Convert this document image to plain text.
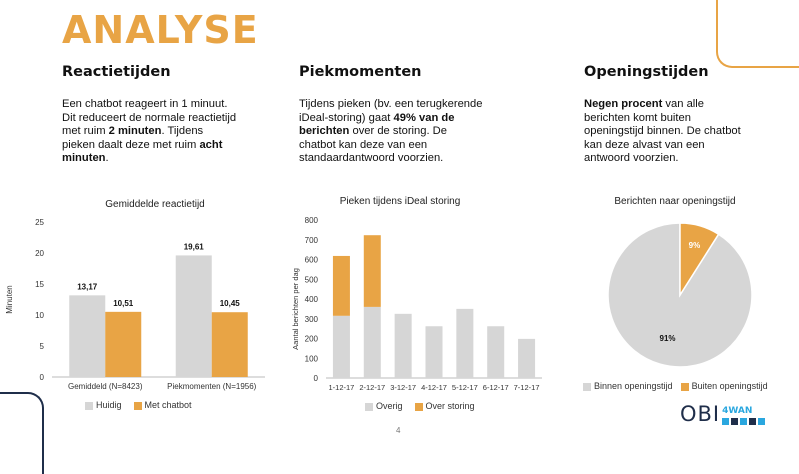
ANALYSE
Reactietijden
Een chatbot reageert in 1 minuut. Dit reduceert de normale reactietijd met ruim 2 minuten. Tijdens pieken daalt deze met ruim acht minuten.
Piekmomenten
Tijdens pieken (bv. een terugkerende iDeal-storing) gaat 49% van de berichten over de storing. De chatbot kan deze van een standaardantwoord voorzien.
Openingstijden
Negen procent van alle berichten komt buiten openingstijd binnen. De chatbot kan deze alvast van een antwoord voorzien.
Gemiddelde reactietijd
0
5
10
15
20
25
Minuten	13,17
10,51
Gemiddeld (N=8423)
19,61
10,45
Piekmomenten (N=1956)
Huidig	Met chatbot
Pieken tijdens iDeal storing
0
100
200
300
400
500
600
700
800
Aantal berichten per dag
1-12-17 2-12-17 3-12-17 4-12-17 5-12-17 6-12-17 7-12-17
Overig	Over storing
Berichten naar openingstijd
91%
9%
Binnen openingstijd	Buiten openingstijd
4
OBI 4WAN
